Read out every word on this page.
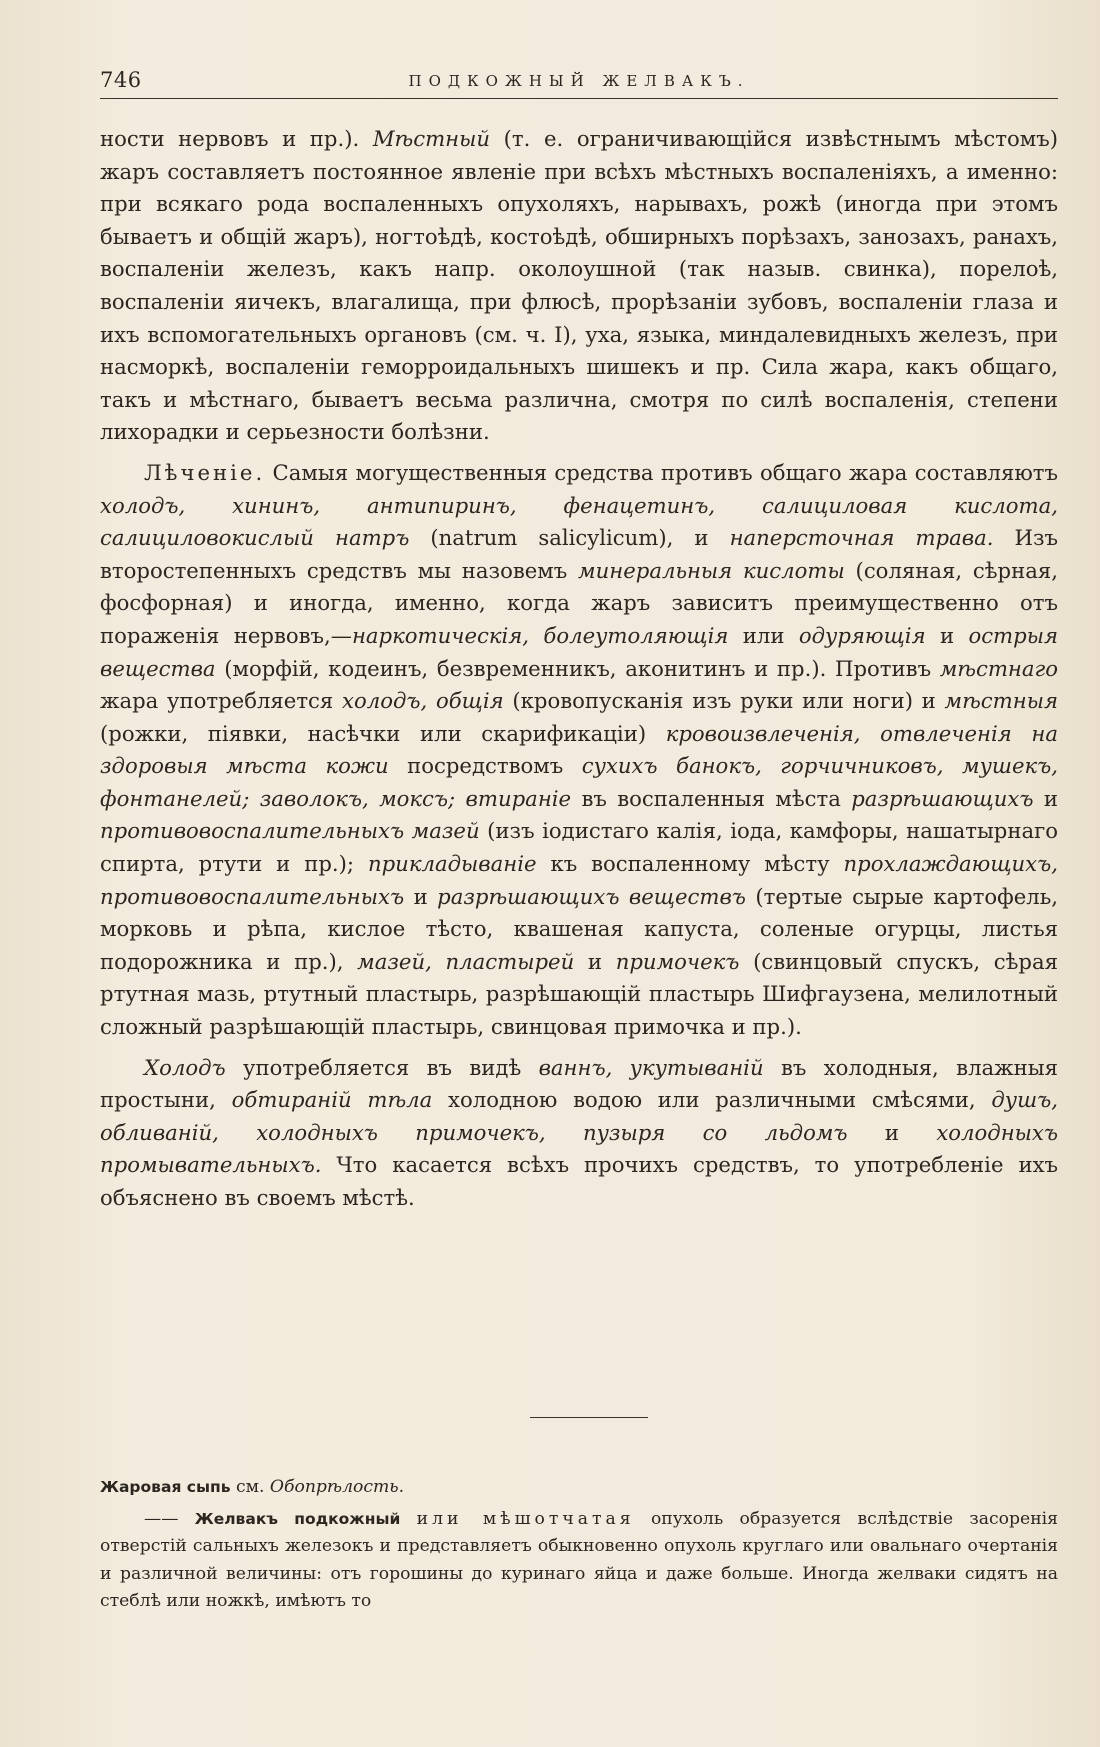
746	ПОДКОЖНЫЙ ЖЕЛВАКЪ.

ности нервовъ и пр.). Мѣстный (т. е. ограничивающійся извѣстнымъ мѣстомъ) жаръ составляетъ постоянное явленіе при всѣхъ мѣстныхъ воспаленіяхъ, а именно: при всякаго рода воспаленныхъ опухоляхъ, нарывахъ, рожѣ (иногда при этомъ бываетъ и общій жаръ), ногтоѣдѣ, костоѣдѣ, обширныхъ порѣзахъ, занозахъ, ранахъ, воспаленіи железъ, какъ напр. околоушной (так назыв. свинка), порелоѣ, воспаленіи яичекъ, влагалища, при флюсѣ, прорѣзаніи зубовъ, воспаленіи глаза и ихъ вспомогательныхъ органовъ (см. ч. I), уха, языка, миндалевидныхъ железъ, при насморкѣ, воспаленіи геморроидальныхъ шишекъ и пр. Сила жара, какъ общаго, такъ и мѣстнаго, бываетъ весьма различна, смотря по силѣ воспаленія, степени лихорадки и серьезности болѣзни.

Лѣченіе. Самыя могущественныя средства противъ общаго жара составляютъ холодъ, хининъ, антипиринъ, фенацетинъ, салициловая кислота, салициловокислый натръ (natrum salicylicum), и наперсточная трава. Изъ второстепенныхъ средствъ мы назовемъ минеральныя кислоты (соляная, сѣрная, фосфорная) и иногда, именно, когда жаръ зависитъ преимущественно отъ пораженія нервовъ,—наркотическія, болеутоляющія или одуряющія и острыя вещества (морфій, кодеинъ, безвременникъ, аконитинъ и пр.). Противъ мѣстнаго жара употребляется холодъ, общія (кровопусканія изъ руки или ноги) и мѣстныя (рожки, піявки, насѣчки или скарификаціи) кровоизвлеченія, отвлеченія на здоровыя мѣста кожи посредствомъ сухихъ банокъ, горчичниковъ, мушекъ, фонтанелей; заволокъ, моксъ; втираніе въ воспаленныя мѣста разрѣшающихъ и противовоспалительныхъ мазей (изъ іодистаго калія, іода, камфоры, нашатырнаго спирта, ртути и пр.); прикладываніе къ воспаленному мѣсту прохлаждающихъ, противовоспалительныхъ и разрѣшающихъ веществъ (тертые сырые картофель, морковь и рѣпа, кислое тѣсто, квашеная капуста, соленые огурцы, листья подорожника и пр.), мазей, пластырей и примочекъ (свинцовый спускъ, сѣрая ртутная мазь, ртутный пластырь, разрѣшающій пластырь Шифгаузена, мелилотный сложный разрѣшающій пластырь, свинцовая примочка и пр.).

Холодъ употребляется въ видѣ ваннъ, укутываній въ холодныя, влажныя простыни, обтираній тѣла холодною водою или различными смѣсями, душъ, обливаній, холодныхъ примочекъ, пузыря со льдомъ и холодныхъ промывательныхъ. Что касается всѣхъ прочихъ средствъ, то употребленіе ихъ объяснено въ своемъ мѣстѣ.

Жаровая сыпь см. Обопрѣлость.

—— Желвакъ подкожный или мѣшотчатая опухоль образуется вслѣдствіе засоренія отверстій сальныхъ железокъ и представляетъ обыкновенно опухоль круглаго или овальнаго очертанія и различной величины: отъ горошины до куринаго яйца и даже больше. Иногда желваки сидятъ на стеблѣ или ножкѣ, имѣютъ то
